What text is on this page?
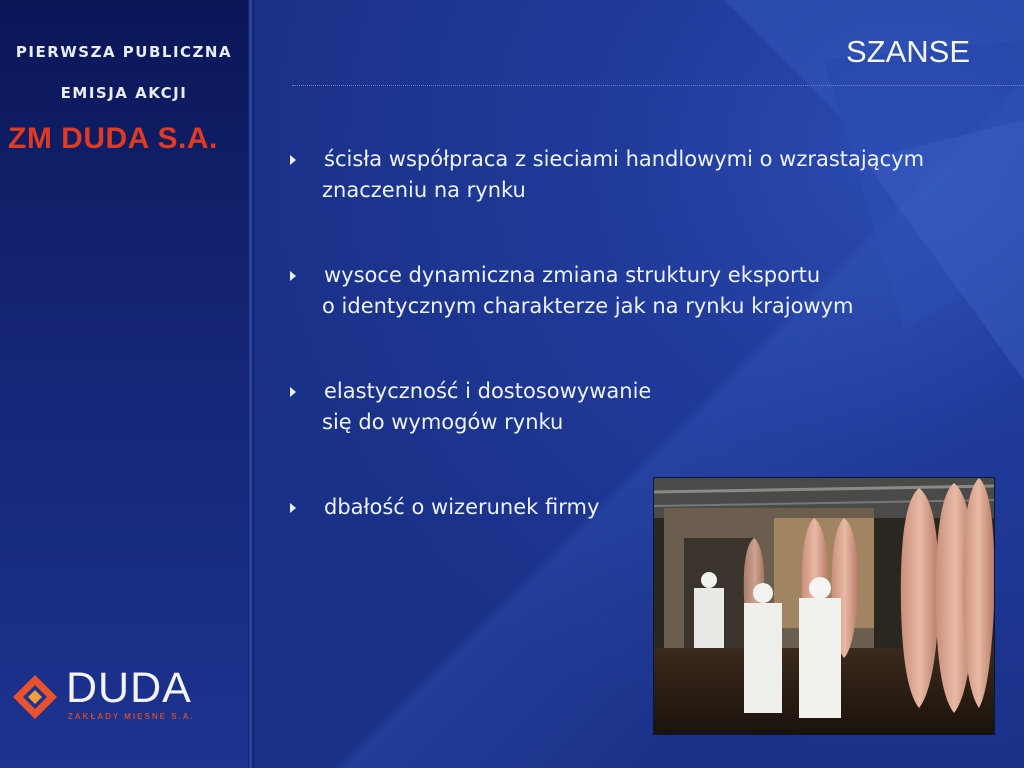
PIERWSZA PUBLICZNA
EMISJA AKCJI
ZM DUDA S.A.
DUDA
ZAKŁADY MIĘSNE S.A.
SZANSE
ścisła współpraca z sieciami handlowymi o wzrastającym
znaczeniu na rynku
wysoce dynamiczna zmiana struktury eksportu
o identycznym charakterze jak na rynku krajowym
elastyczność i dostosowywanie
się do wymogów rynku
dbałość o wizerunek firmy
